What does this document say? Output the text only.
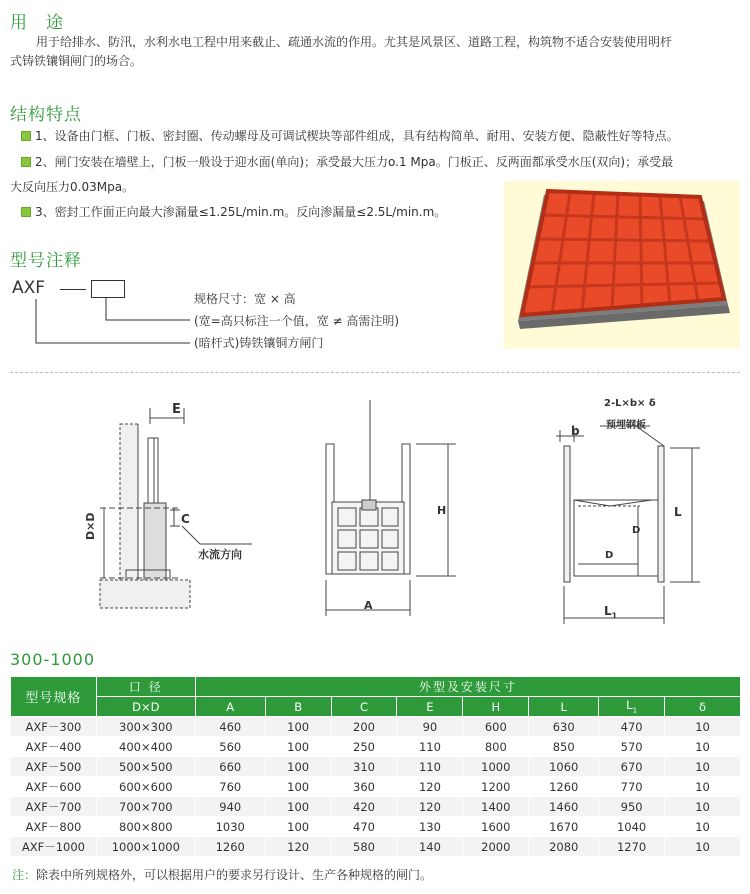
用　途
用于给排水、防汛，水利水电工程中用来截止、疏通水流的作用。尤其是风景区、道路工程，构筑物不适合安装使用明杆
式铸铁镶铜闸门的场合。
结构特点
1、设备由门框、门板、密封圈、传动螺母及可调试楔块等部件组成，具有结构简单、耐用、安装方便、隐蔽性好等特点。
2、闸门安装在墙壁上，门板一般设于迎水面(单向)；承受最大压力o.1 Mpa。门板正、反两面都承受水压(双向)；承受最
大反向压力0.03Mpa。
3、密封工作面正向最大渗漏量≤1.25L/min.m。反向渗漏量≤2.5L/min.m。
型号注释
AXF
规格尺寸：宽 × 高
(宽=高只标注一个值，宽 ≠ 高需注明)
(暗杆式)铸铁镶铜方闸门
E
C
D×D
水流方向
H
A
2-L×b× δ
预埋钢板
b
L
D
D
$L_1$
300-1000
型号规格	口 径	外型及安装尺寸							
	D×D	A	B	C	E	H	L	$L_1$	δ
AXF－300	300×300	460	100	200	90	600	630	470	10
AXF－400	400×400	560	100	250	110	800	850	570	10
AXF－500	500×500	660	100	310	110	1000	1060	670	10
AXF－600	600×600	760	100	360	120	1200	1260	770	10
AXF－700	700×700	940	100	420	120	1400	1460	950	10
AXF－800	800×800	1030	100	470	130	1600	1670	1040	10
AXF－1000	1000×1000	1260	120	580	140	2000	2080	1270	10
注：除表中所列规格外，可以根据用户的要求另行设计、生产各种规格的闸门。
